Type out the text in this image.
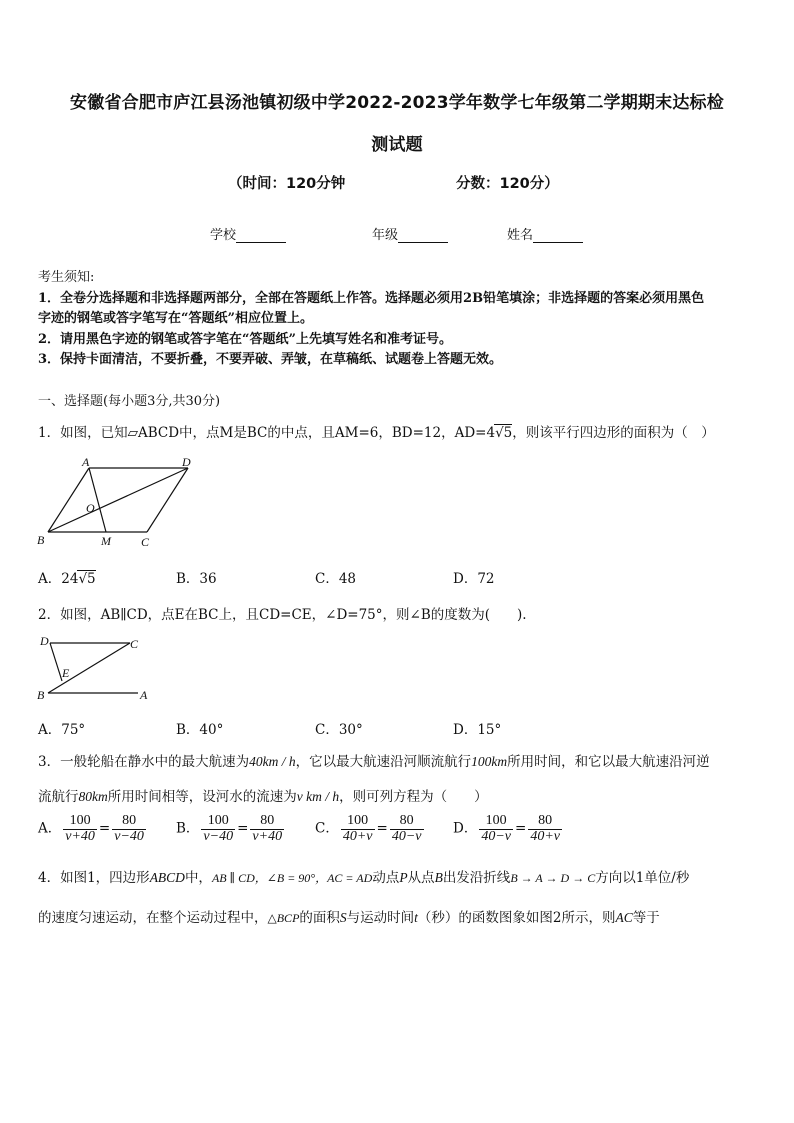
安徽省合肥市庐江县汤池镇初级中学2022-2023学年数学七年级第二学期期末达标检
测试题
（时间：120分钟	分数：120分）
学校	年级	姓名
考生须知:
1．全卷分选择题和非选择题两部分，全部在答题纸上作答。选择题必须用2B铅笔填涂；非选择题的答案必须用黑色
字迹的钢笔或答字笔写在“答题纸”相应位置上。
2．请用黑色字迹的钢笔或答字笔在“答题纸”上先填写姓名和准考证号。
3．保持卡面清洁，不要折叠，不要弄破、弄皱，在草稿纸、试题卷上答题无效。
一、选择题(每小题3分,共30分)
1．如图，已知▱ABCD中，点M是BC的中点，且AM=6，BD=12，AD=4√5，则该平行四边形的面积为（　）
A	D
O
B	M	C
A．24√5	B．36	C．48	D．72
2．如图，AB∥CD，点E在BC上，且CD=CE，∠D=75°，则∠B的度数为(　　).
D	C
E
B	A
A．75°	B．40°	C．30°	D．15°
3．一般轮船在静水中的最大航速为40km / h，它以最大航速沿河顺流航行100km所用时间，和它以最大航速沿河逆
流航行80km所用时间相等，设河水的流速为v km / h，则可列方程为（　　）
A． $\frac{100}{v+40} = \frac{80}{v-40}$ B． $\frac{100}{v-40} = \frac{80}{v+40}$ C． $\frac{100}{40+v} = \frac{80}{40-v}$ D． $\frac{100}{40-v} = \frac{80}{40+v}$
4．如图1，四边形ABCD中，AB ∥ CD，∠B = 90°，AC = AD动点P从点B出发沿折线B → A → D → C方向以1单位/秒
的速度匀速运动，在整个运动过程中，△BCP的面积S与运动时间t（秒）的函数图象如图2所示，则AC等于
